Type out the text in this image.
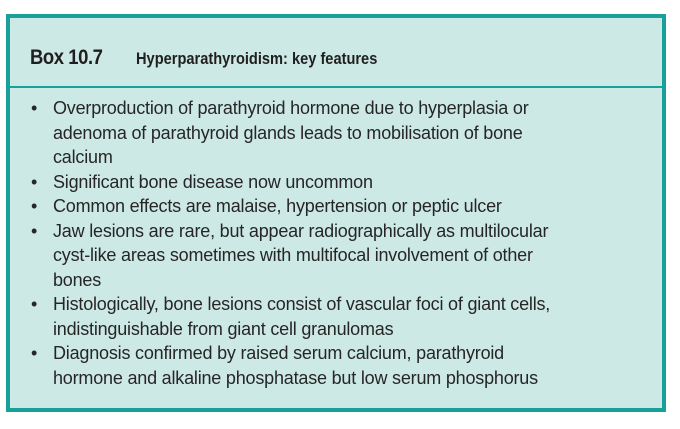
Box 10.7 Hyperparathyroidism: key features
• Overproduction of parathyroid hormone due to hyperplasia or
adenoma of parathyroid glands leads to mobilisation of bone
calcium
• Significant bone disease now uncommon
• Common effects are malaise, hypertension or peptic ulcer
• Jaw lesions are rare, but appear radiographically as multilocular
cyst-like areas sometimes with multifocal involvement of other
bones
• Histologically, bone lesions consist of vascular foci of giant cells,
indistinguishable from giant cell granulomas
• Diagnosis confirmed by raised serum calcium, parathyroid
hormone and alkaline phosphatase but low serum phosphorus
